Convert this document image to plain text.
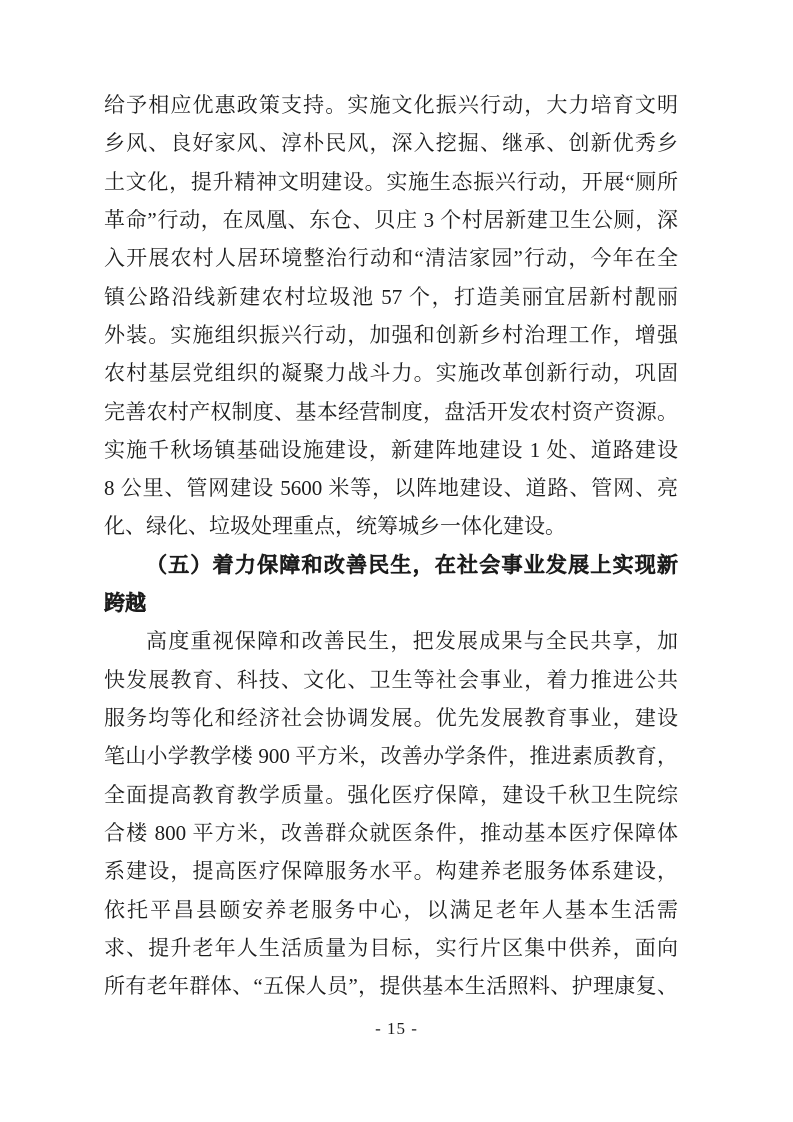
给予相应优惠政策支持。实施文化振兴行动，大力培育文明
乡风、良好家风、淳朴民风，深入挖掘、继承、创新优秀乡
土文化，提升精神文明建设。实施生态振兴行动，开展“厕所
革命”行动，在凤凰、东仓、贝庄 3 个村居新建卫生公厕，深
入开展农村人居环境整治行动和“清洁家园”行动，今年在全
镇公路沿线新建农村垃圾池 57 个，打造美丽宜居新村靓丽
外装。实施组织振兴行动，加强和创新乡村治理工作，增强
农村基层党组织的凝聚力战斗力。实施改革创新行动，巩固
完善农村产权制度、基本经营制度，盘活开发农村资产资源。
实施千秋场镇基础设施建设，新建阵地建设 1 处、道路建设
8 公里、管网建设 5600 米等，以阵地建设、道路、管网、亮
化、绿化、垃圾处理重点，统筹城乡一体化建设。
（五）着力保障和改善民生，在社会事业发展上实现新
跨越
高度重视保障和改善民生，把发展成果与全民共享，加
快发展教育、科技、文化、卫生等社会事业，着力推进公共
服务均等化和经济社会协调发展。优先发展教育事业，建设
笔山小学教学楼 900 平方米，改善办学条件，推进素质教育，
全面提高教育教学质量。强化医疗保障，建设千秋卫生院综
合楼 800 平方米，改善群众就医条件，推动基本医疗保障体
系建设，提高医疗保障服务水平。构建养老服务体系建设，
依托平昌县颐安养老服务中心，以满足老年人基本生活需
求、提升老年人生活质量为目标，实行片区集中供养，面向
所有老年群体、“五保人员”，提供基本生活照料、护理康复、
- 15 -
